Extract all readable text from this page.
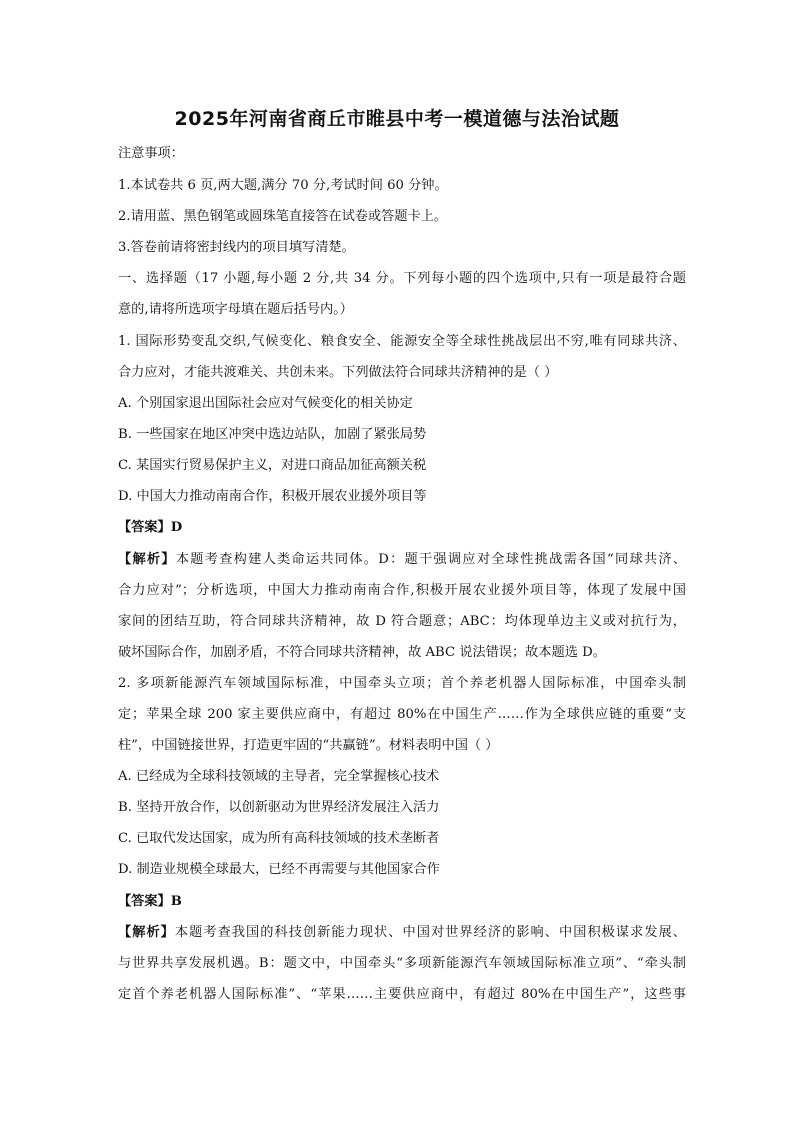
2025年河南省商丘市睢县中考一模道德与法治试题
注意事项：
1.本试卷共 6 页,两大题,满分 70 分,考试时间 60 分钟。
2.请用蓝、黑色钢笔或圆珠笔直接答在试卷或答题卡上。
3.答卷前请将密封线内的项目填写清楚。
一、选择题（17 小题,每小题 2 分,共 34 分。下列每小题的四个选项中,只有一项是最符合题
意的,请将所选项字母填在题后括号内。）
1. 国际形势变乱交织,气候变化、粮食安全、能源安全等全球性挑战层出不穷,唯有同球共济、
合力应对，才能共渡难关、共创未来。下列做法符合同球共济精神的是（ ）
A. 个别国家退出国际社会应对气候变化的相关协定
B. 一些国家在地区冲突中选边站队，加剧了紧张局势
C. 某国实行贸易保护主义，对进口商品加征高额关税
D. 中国大力推动南南合作，积极开展农业援外项目等
【答案】D
【解析】本题考查构建人类命运共同体。D：题干强调应对全球性挑战需各国“同球共济、
合力应对”；分析选项，中国大力推动南南合作,积极开展农业援外项目等，体现了发展中国
家间的团结互助，符合同球共济精神，故 D 符合题意；ABC：均体现单边主义或对抗行为，
破坏国际合作，加剧矛盾，不符合同球共济精神，故 ABC 说法错误；故本题选 D。
2. 多项新能源汽车领域国际标准，中国牵头立项；首个养老机器人国际标准，中国牵头制
定；苹果全球 200 家主要供应商中，有超过 80%在中国生产……作为全球供应链的重要“支
柱”，中国链接世界，打造更牢固的“共赢链”。材料表明中国（ ）
A. 已经成为全球科技领域的主导者，完全掌握核心技术
B. 坚持开放合作，以创新驱动为世界经济发展注入活力
C. 已取代发达国家，成为所有高科技领域的技术垄断者
D. 制造业规模全球最大，已经不再需要与其他国家合作
【答案】B
【解析】本题考查我国的科技创新能力现状、中国对世界经济的影响、中国积极谋求发展、
与世界共享发展机遇。B：题文中，中国牵头“多项新能源汽车领域国际标准立项”、“牵头制
定首个养老机器人国际标准”、“苹果……主要供应商中，有超过 80%在中国生产”，这些事
